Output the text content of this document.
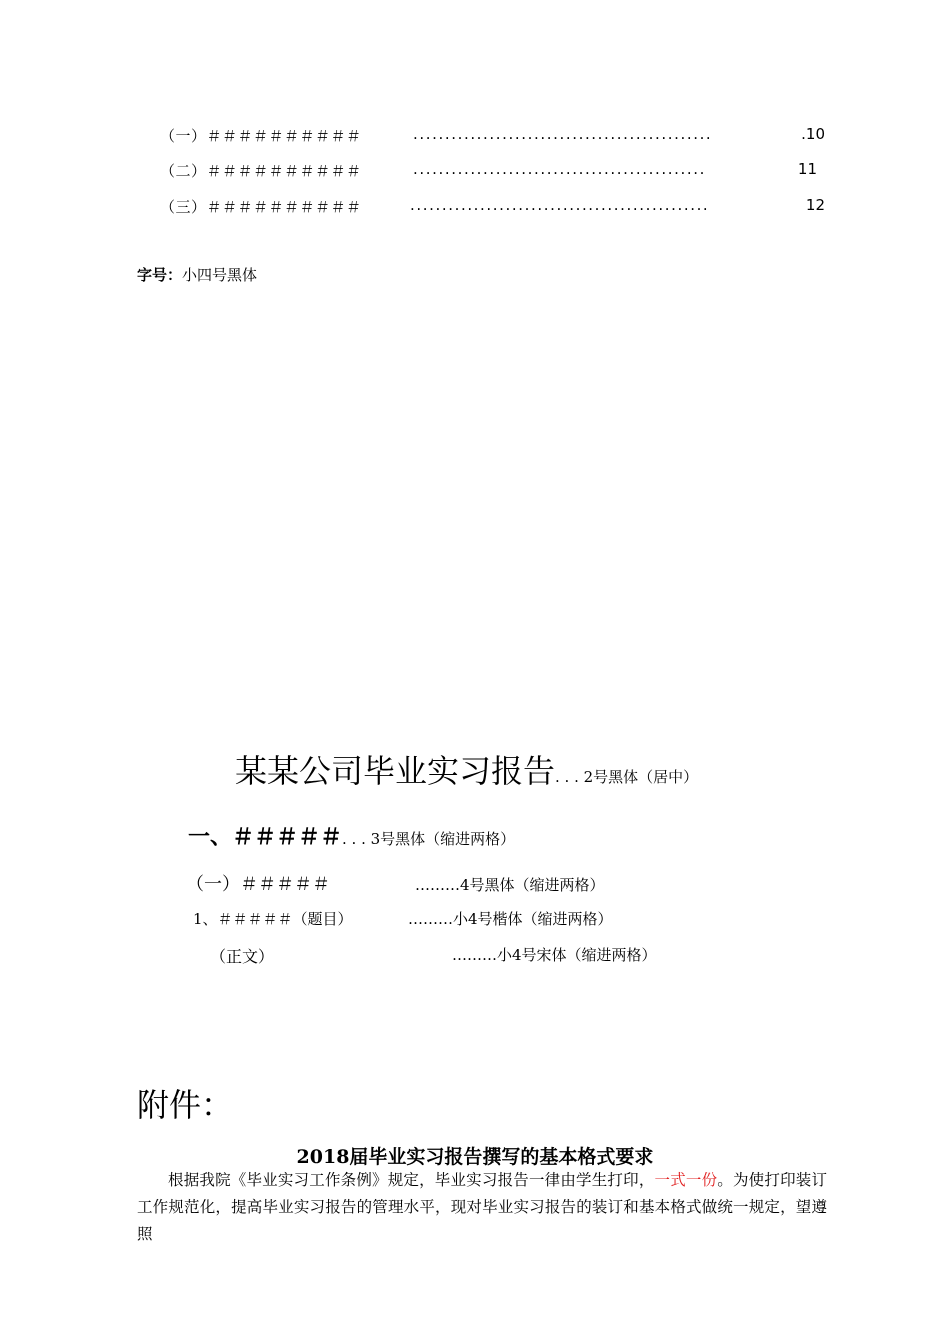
（一）＃＃＃＃＃＃＃＃＃＃	...............................................	.10
（二）＃＃＃＃＃＃＃＃＃＃	..............................................	11
（三）＃＃＃＃＃＃＃＃＃＃	...............................................	12
字号：小四号黑体
某某公司毕业实习报告. . . 2号黑体（居中）
一、＃＃＃＃＃. . . 3号黑体（缩进两格）
（一）＃＃＃＃＃	………4号黑体（缩进两格）
1、＃＃＃＃＃（题目）	………小4号楷体（缩进两格）
（正文）	………小4号宋体（缩进两格）
附件：
2018届毕业实习报告撰写的基本格式要求
根据我院《毕业实习工作条例》规定，毕业实习报告一律由学生打印，一式一份。为使打印装订工作规范化，提高毕业实习报告的管理水平，现对毕业实习报告的装订和基本格式做统一规定，望遵照
